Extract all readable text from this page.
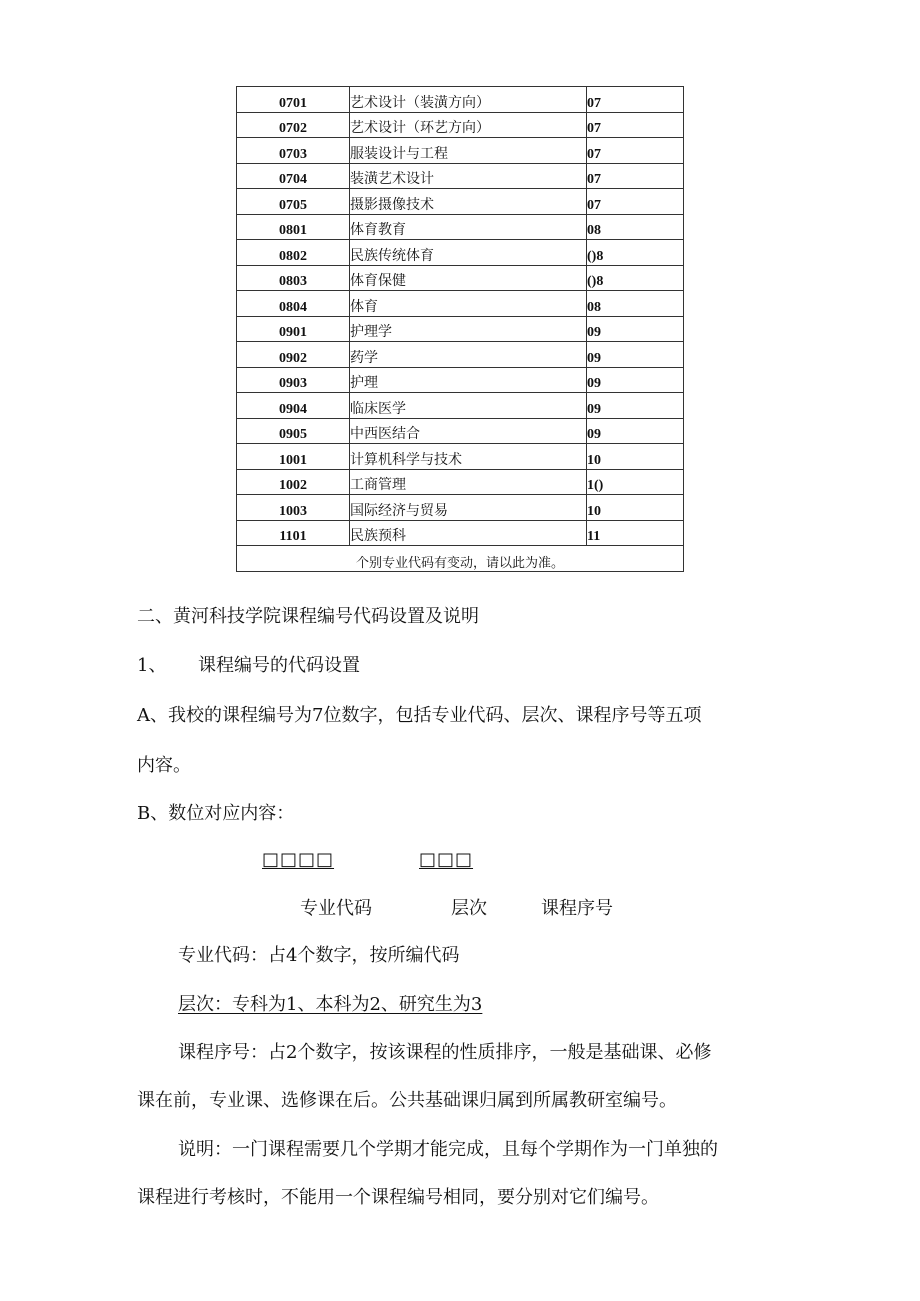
0701	艺术设计（装潢方向）	07
0702	艺术设计（环艺方向）	07
0703	服装设计与工程	07
0704	装潢艺术设计	07
0705	摄影摄像技术	07
0801	体育教育	08
0802	民族传统体育	()8
0803	体育保健	()8
0804	体育	08
0901	护理学	09
0902	药学	09
0903	护理	09
0904	临床医学	09
0905	中西医结合	09
1001	计算机科学与技术	10
1002	工商管理	1()
1003	国际经济与贸易	10
1101	民族预科	11
个别专业代码有变动，请以此为准。		
二、黄河科技学院课程编号代码设置及说明
1、 课程编号的代码设置
A、我校的课程编号为7位数字，包括专业代码、层次、课程序号等五项
内容。
B、数位对应内容：
□□□□	□□□
专业代码	层次	课程序号
专业代码：占4个数字，按所编代码
层次：专科为1、本科为2、研究生为3
课程序号：占2个数字，按该课程的性质排序，一般是基础课、必修
课在前，专业课、选修课在后。公共基础课归属到所属教研室编号。
说明：一门课程需要几个学期才能完成，且每个学期作为一门单独的
课程进行考核时，不能用一个课程编号相同，要分别对它们编号。
